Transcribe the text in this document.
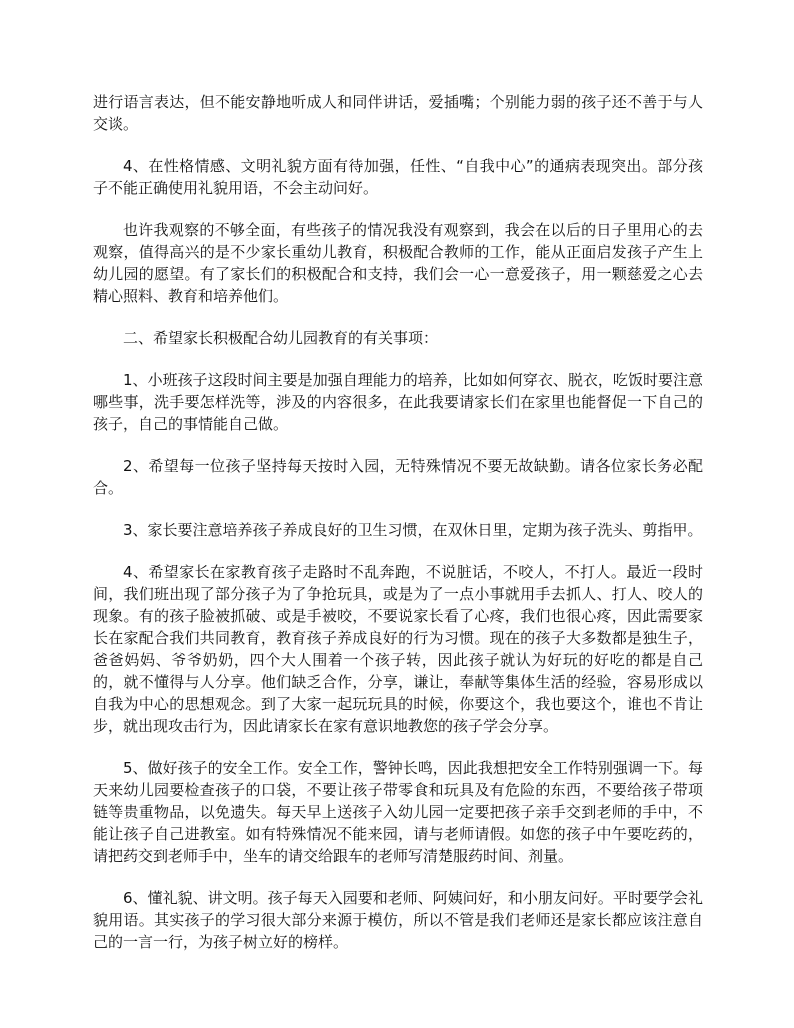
进行语言表达，但不能安静地听成人和同伴讲话，爱插嘴；个别能力弱的孩子还不善于与人交谈。

4、在性格情感、文明礼貌方面有待加强，任性、“自我中心”的通病表现突出。部分孩子不能正确使用礼貌用语，不会主动问好。

也许我观察的不够全面，有些孩子的情况我没有观察到，我会在以后的日子里用心的去观察，值得高兴的是不少家长重幼儿教育，积极配合教师的工作，能从正面启发孩子产生上幼儿园的愿望。有了家长们的积极配合和支持，我们会一心一意爱孩子，用一颗慈爱之心去精心照料、教育和培养他们。

二、希望家长积极配合幼儿园教育的有关事项：

1、小班孩子这段时间主要是加强自理能力的培养，比如如何穿衣、脱衣，吃饭时要注意哪些事，洗手要怎样洗等，涉及的内容很多，在此我要请家长们在家里也能督促一下自己的孩子，自己的事情能自己做。

2、希望每一位孩子坚持每天按时入园，无特殊情况不要无故缺勤。请各位家长务必配合。

3、家长要注意培养孩子养成良好的卫生习惯，在双休日里，定期为孩子洗头、剪指甲。

4、希望家长在家教育孩子走路时不乱奔跑，不说脏话，不咬人，不打人。最近一段时间，我们班出现了部分孩子为了争抢玩具，或是为了一点小事就用手去抓人、打人、咬人的现象。有的孩子脸被抓破、或是手被咬，不要说家长看了心疼，我们也很心疼，因此需要家长在家配合我们共同教育，教育孩子养成良好的行为习惯。现在的孩子大多数都是独生子，爸爸妈妈、爷爷奶奶，四个大人围着一个孩子转，因此孩子就认为好玩的好吃的都是自己的，就不懂得与人分享。他们缺乏合作，分享，谦让，奉献等集体生活的经验，容易形成以自我为中心的思想观念。到了大家一起玩玩具的时候，你要这个，我也要这个，谁也不肯让步，就出现攻击行为，因此请家长在家有意识地教您的孩子学会分享。

5、做好孩子的安全工作。安全工作，警钟长鸣，因此我想把安全工作特别强调一下。每天来幼儿园要检查孩子的口袋，不要让孩子带零食和玩具及有危险的东西，不要给孩子带项链等贵重物品，以免遗失。每天早上送孩子入幼儿园一定要把孩子亲手交到老师的手中，不能让孩子自己进教室。如有特殊情况不能来园，请与老师请假。如您的孩子中午要吃药的，请把药交到老师手中，坐车的请交给跟车的老师写清楚服药时间、剂量。

6、懂礼貌、讲文明。孩子每天入园要和老师、阿姨问好，和小朋友问好。平时要学会礼貌用语。其实孩子的学习很大部分来源于模仿，所以不管是我们老师还是家长都应该注意自己的一言一行，为孩子树立好的榜样。
